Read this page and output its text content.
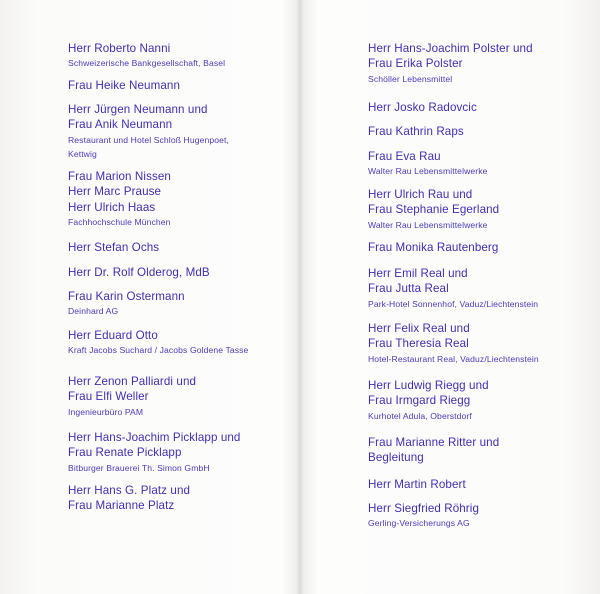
Herr Roberto Nanni
Schweizerische Bankgesellschaft, Basel
Frau Heike Neumann
Herr Jürgen Neumann und
Frau Anik Neumann
Restaurant und Hotel Schloß Hugenpoet,
Kettwig
Frau Marion Nissen
Herr Marc Prause
Herr Ulrich Haas
Fachhochschule München
Herr Stefan Ochs
Herr Dr. Rolf Olderog, MdB
Frau Karin Ostermann
Deinhard AG
Herr Eduard Otto
Kraft Jacobs Suchard / Jacobs Goldene Tasse
Herr Zenon Palliardi und
Frau Elfi Weller
Ingenieurbüro PAM
Herr Hans-Joachim Picklapp und
Frau Renate Picklapp
Bitburger Brauerei Th. Simon GmbH
Herr Hans G. Platz und
Frau Marianne Platz
Herr Hans-Joachim Polster und
Frau Erika Polster
Schöller Lebensmittel
Herr Josko Radovcic
Frau Kathrin Raps
Frau Eva Rau
Walter Rau Lebensmittelwerke
Herr Ulrich Rau und
Frau Stephanie Egerland
Walter Rau Lebensmittelwerke
Frau Monika Rautenberg
Herr Emil Real und
Frau Jutta Real
Park-Hotel Sonnenhof, Vaduz/Liechtenstein
Herr Felix Real und
Frau Theresia Real
Hotel-Restaurant Real, Vaduz/Liechtenstein
Herr Ludwig Riegg und
Frau Irmgard Riegg
Kurhotel Adula, Oberstdorf
Frau Marianne Ritter und
Begleitung
Herr Martin Robert
Herr Siegfried Röhrig
Gerling-Versicherungs AG
